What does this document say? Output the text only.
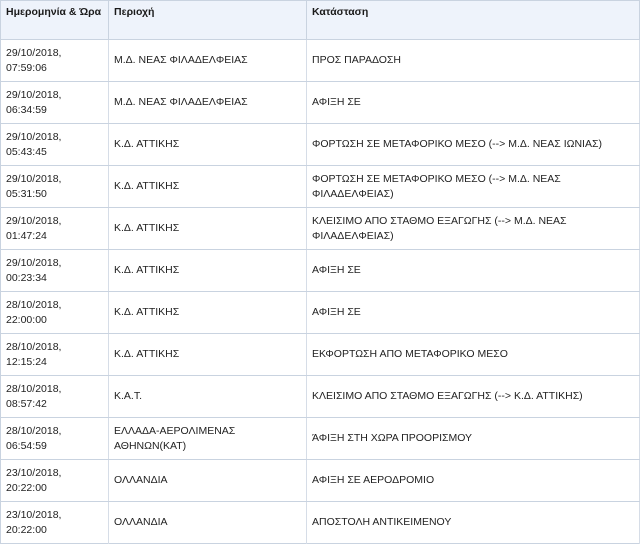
Ημερομηνία & Ώρα	Περιοχή	Κατάσταση
29/10/2018,
07:59:06	Μ.Δ. ΝΕΑΣ ΦΙΛΑΔΕΛΦΕΙΑΣ	ΠΡΟΣ ΠΑΡΑΔΟΣΗ
29/10/2018,
06:34:59	Μ.Δ. ΝΕΑΣ ΦΙΛΑΔΕΛΦΕΙΑΣ	ΑΦΙΞΗ ΣΕ
29/10/2018,
05:43:45	Κ.Δ. ΑΤΤΙΚΗΣ	ΦΟΡΤΩΣΗ ΣΕ ΜΕΤΑΦΟΡΙΚΟ ΜΕΣΟ (--> Μ.Δ. ΝΕΑΣ ΙΩΝΙΑΣ)
29/10/2018,
05:31:50	Κ.Δ. ΑΤΤΙΚΗΣ	ΦΟΡΤΩΣΗ ΣΕ ΜΕΤΑΦΟΡΙΚΟ ΜΕΣΟ (--> Μ.Δ. ΝΕΑΣ ΦΙΛΑΔΕΛΦΕΙΑΣ)
29/10/2018,
01:47:24	Κ.Δ. ΑΤΤΙΚΗΣ	ΚΛΕΙΣΙΜΟ ΑΠΟ ΣΤΑΘΜΟ ΕΞΑΓΩΓΗΣ (--> Μ.Δ. ΝΕΑΣ ΦΙΛΑΔΕΛΦΕΙΑΣ)
29/10/2018,
00:23:34	Κ.Δ. ΑΤΤΙΚΗΣ	ΑΦΙΞΗ ΣΕ
28/10/2018,
22:00:00	Κ.Δ. ΑΤΤΙΚΗΣ	ΑΦΙΞΗ ΣΕ
28/10/2018,
12:15:24	Κ.Δ. ΑΤΤΙΚΗΣ	ΕΚΦΟΡΤΩΣΗ ΑΠΟ ΜΕΤΑΦΟΡΙΚΟ ΜΕΣΟ
28/10/2018,
08:57:42	Κ.Α.Τ.	ΚΛΕΙΣΙΜΟ ΑΠΟ ΣΤΑΘΜΟ ΕΞΑΓΩΓΗΣ (--> Κ.Δ. ΑΤΤΙΚΗΣ)
28/10/2018,
06:54:59	ΕΛΛΑΔΑ-ΑΕΡΟΛΙΜΕΝΑΣ ΑΘΗΝΩΝ(ΚΑΤ)	ΆΦΙΞΗ ΣΤΗ ΧΩΡΑ ΠΡΟΟΡΙΣΜΟΥ
23/10/2018,
20:22:00	ΟΛΛΑΝΔΙΑ	ΑΦΙΞΗ ΣΕ ΑΕΡΟΔΡΟΜΙΟ
23/10/2018,
20:22:00	ΟΛΛΑΝΔΙΑ	ΑΠΟΣΤΟΛΗ ΑΝΤΙΚΕΙΜΕΝΟΥ
